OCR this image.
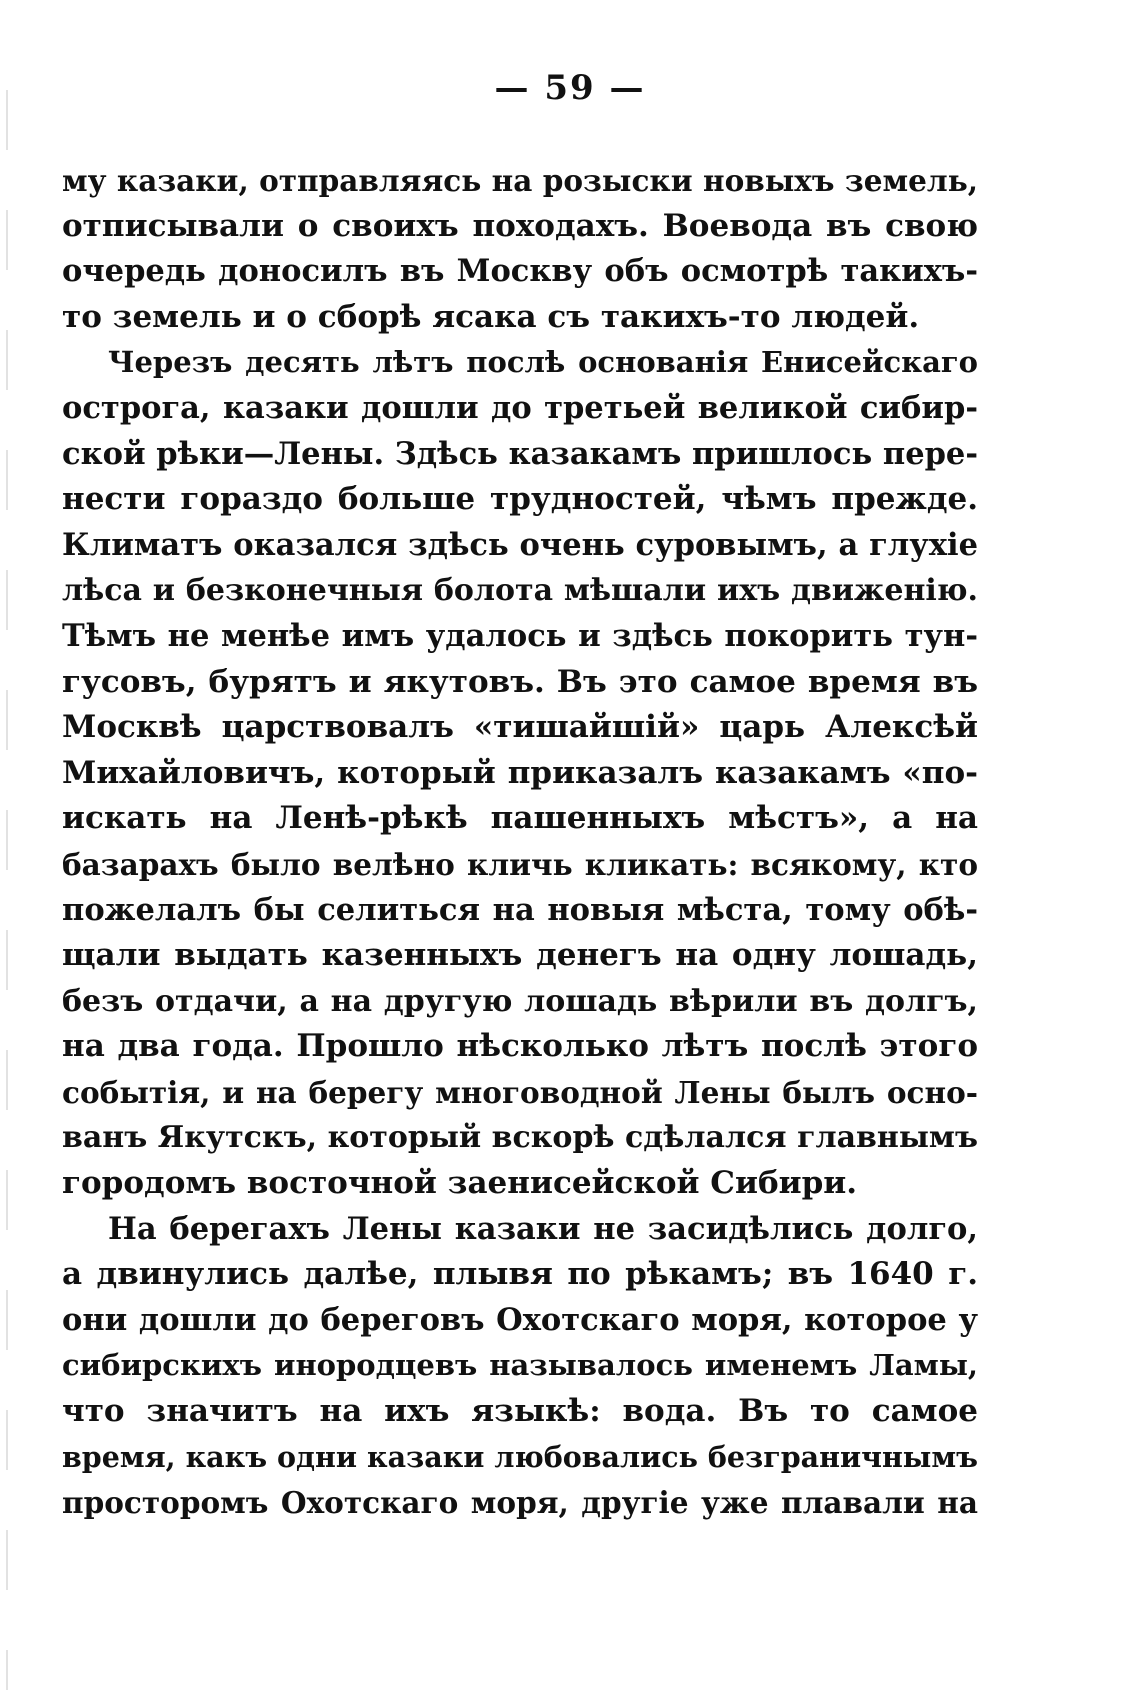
— 59 —
му казаки, отправляясь на розыски новыхъ земель,
отписывали о своихъ походахъ. Воевода въ свою
очередь доносилъ въ Москву объ осмотрѣ такихъ-
то земель и о сборѣ ясака съ такихъ-то людей.
Черезъ десять лѣтъ послѣ основанія Енисейскаго
острога, казаки дошли до третьей великой сибир-
ской рѣки—Лены. Здѣсь казакамъ пришлось пере-
нести гораздо больше трудностей, чѣмъ прежде.
Климатъ оказался здѣсь очень суровымъ, а глухіе
лѣса и безконечныя болота мѣшали ихъ движенію.
Тѣмъ не менѣе имъ удалось и здѣсь покорить тун-
гусовъ, бурятъ и якутовъ. Въ это самое время въ
Москвѣ царствовалъ «тишайшій» царь Алексѣй
Михайловичъ, который приказалъ казакамъ «по-
искать на Ленѣ-рѣкѣ пашенныхъ мѣстъ», а на
базарахъ было велѣно кличь кликать: всякому, кто
пожелалъ бы селиться на новыя мѣста, тому обѣ-
щали выдать казенныхъ денегъ на одну лошадь,
безъ отдачи, а на другую лошадь вѣрили въ долгъ,
на два года. Прошло нѣсколько лѣтъ послѣ этого
событія, и на берегу многоводной Лены былъ осно-
ванъ Якутскъ, который вскорѣ сдѣлался главнымъ
городомъ восточной заенисейской Сибири.
На берегахъ Лены казаки не засидѣлись долго,
а двинулись далѣе, плывя по рѣкамъ; въ 1640 г.
они дошли до береговъ Охотскаго моря, которое у
сибирскихъ инородцевъ называлось именемъ Ламы,
что значитъ на ихъ языкѣ: вода. Въ то самое
время, какъ одни казаки любовались безграничнымъ
просторомъ Охотскаго моря, другіе уже плавали на
